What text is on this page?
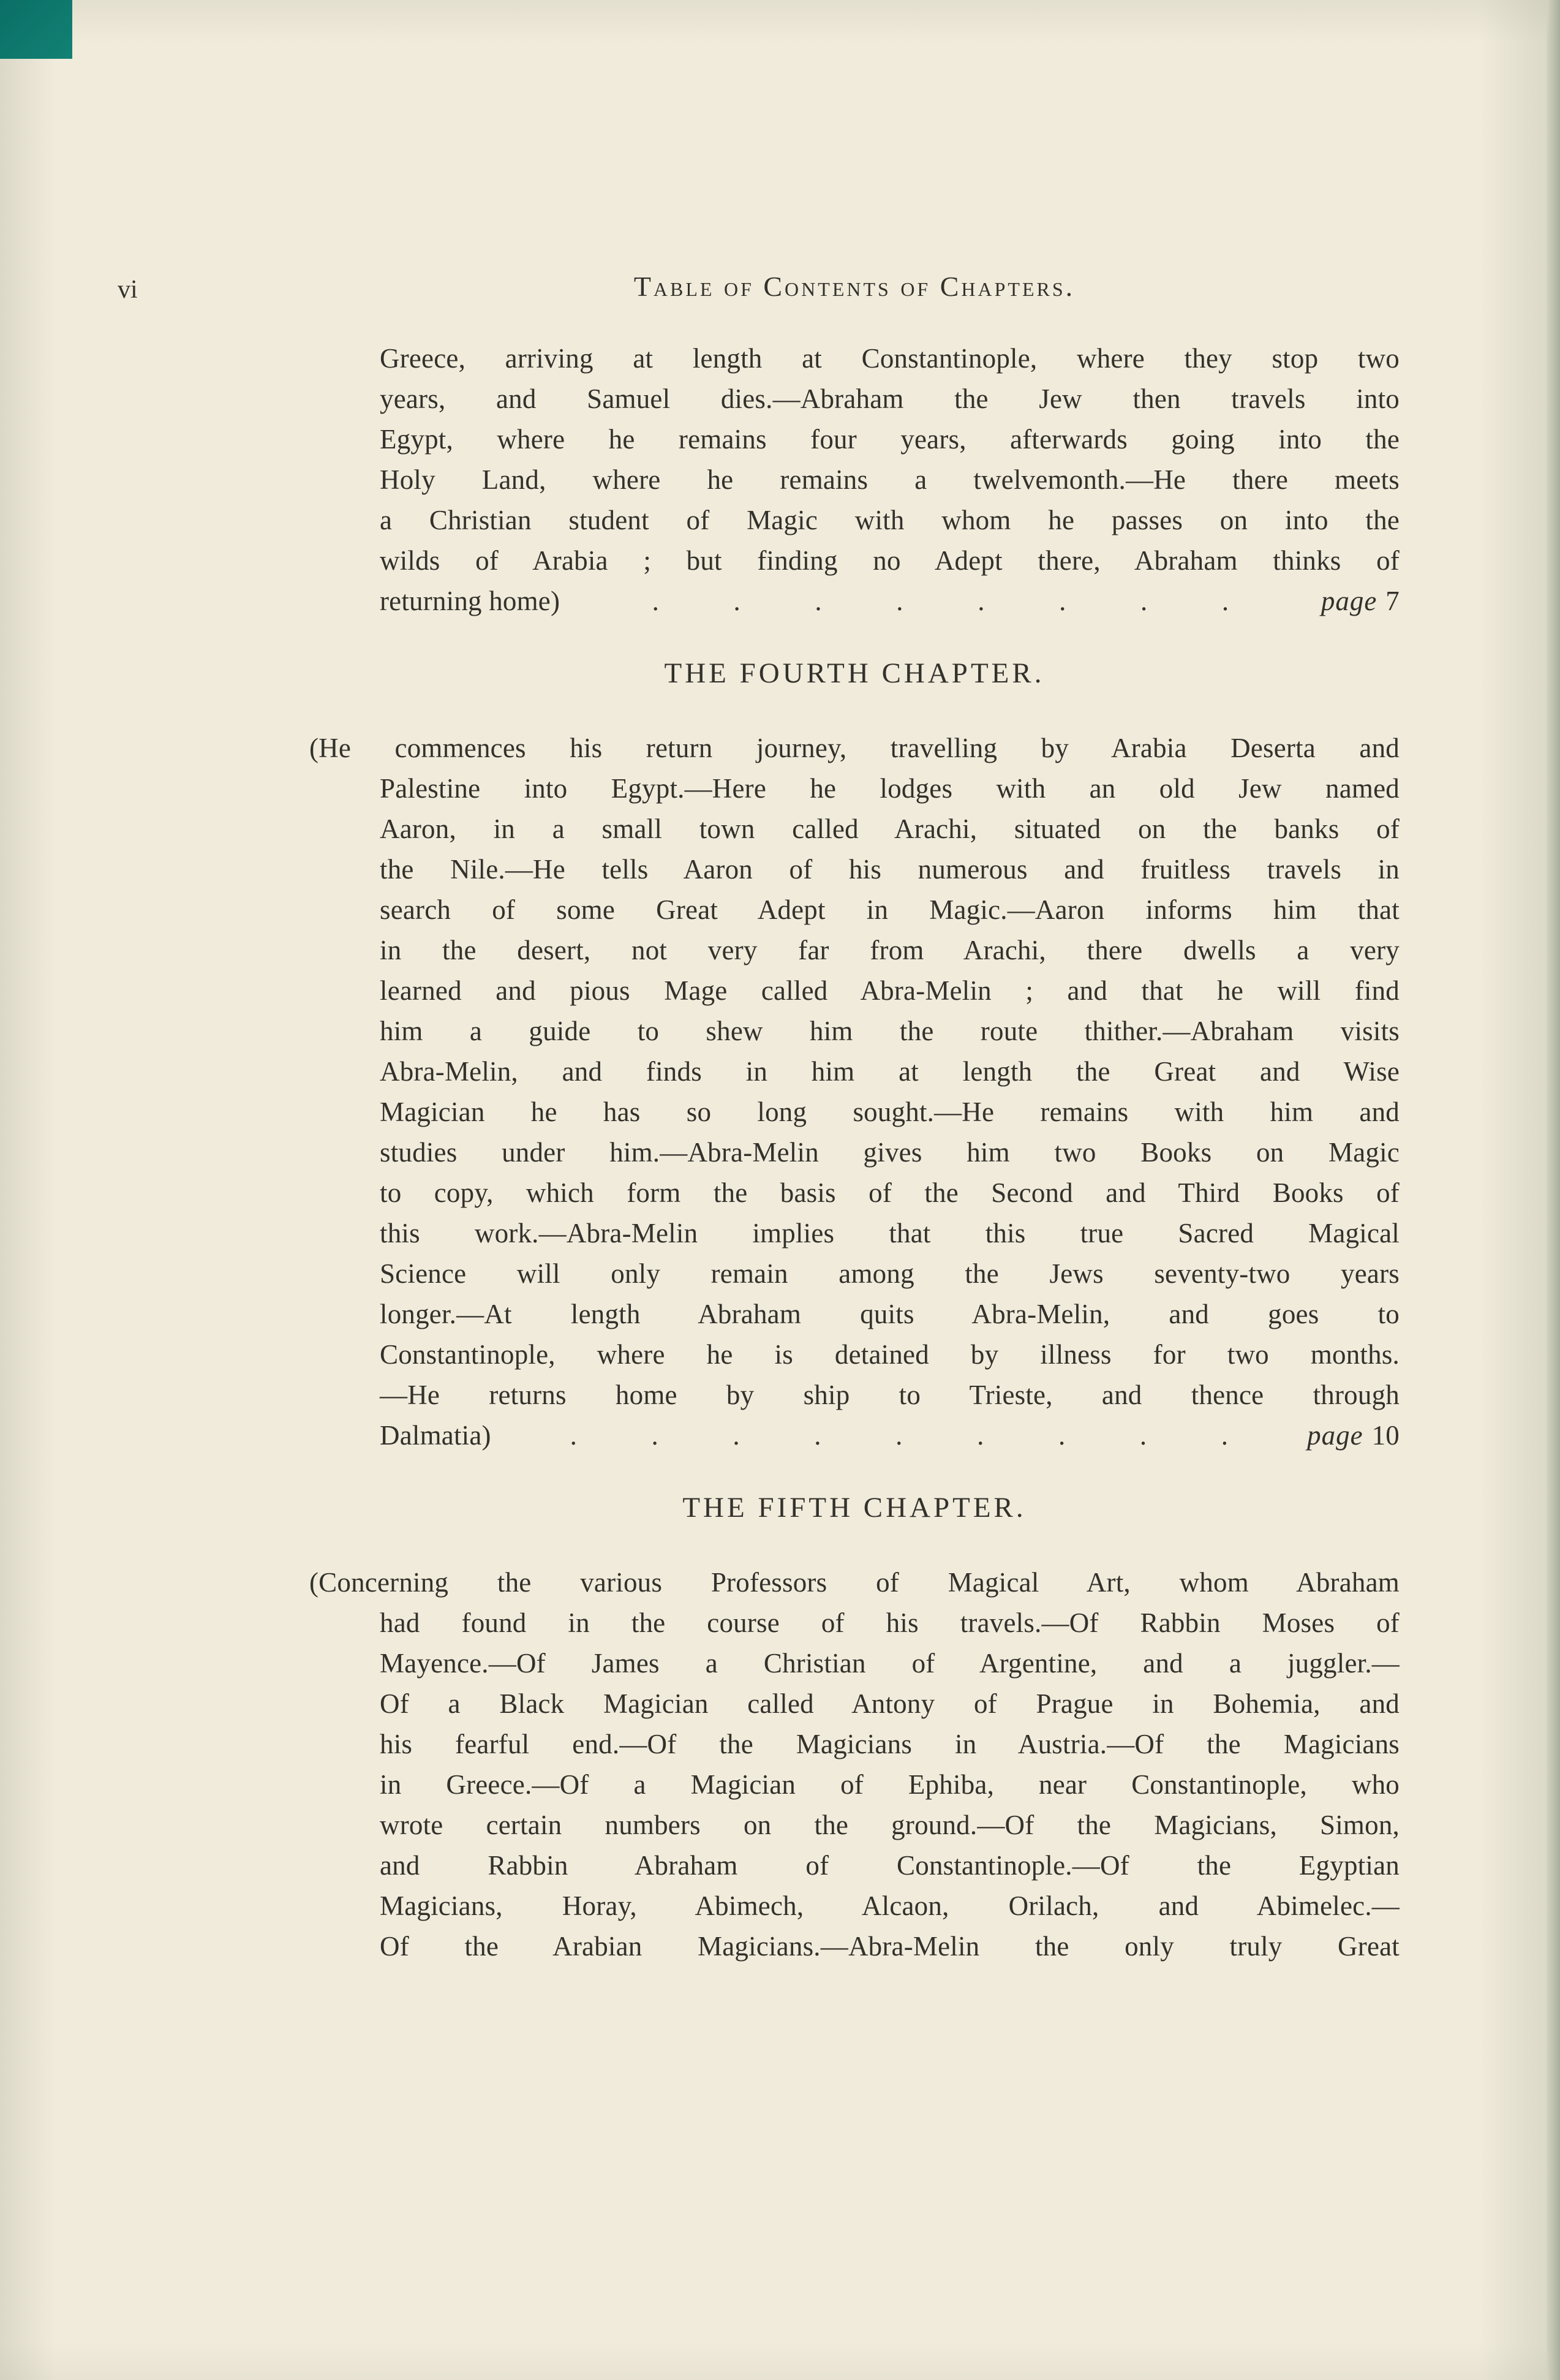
vi	Table of Contents of Chapters.
Greece, arriving at length at Constantinople, where they stop two
years, and Samuel dies.—Abraham the Jew then travels into
Egypt, where he remains four years, afterwards going into the
Holy Land, where he remains a twelvemonth.—He there meets
a Christian student of Magic with whom he passes on into the
wilds of Arabia ; but finding no Adept there, Abraham thinks of
returning home)	. . . . . . . .	page 7
THE FOURTH CHAPTER.
(He commences his return journey, travelling by Arabia Deserta and
Palestine into Egypt.—Here he lodges with an old Jew named
Aaron, in a small town called Arachi, situated on the banks of
the Nile.—He tells Aaron of his numerous and fruitless travels in
search of some Great Adept in Magic.—Aaron informs him that
in the desert, not very far from Arachi, there dwells a very
learned and pious Mage called Abra-Melin ; and that he will find
him a guide to shew him the route thither.—Abraham visits
Abra-Melin, and finds in him at length the Great and Wise
Magician he has so long sought.—He remains with him and
studies under him.—Abra-Melin gives him two Books on Magic
to copy, which form the basis of the Second and Third Books of
this work.—Abra-Melin implies that this true Sacred Magical
Science will only remain among the Jews seventy-two years
longer.—At length Abraham quits Abra-Melin, and goes to
Constantinople, where he is detained by illness for two months.
—He returns home by ship to Trieste, and thence through
Dalmatia)	. . . . . . . . .	page 10
THE FIFTH CHAPTER.
(Concerning the various Professors of Magical Art, whom Abraham
had found in the course of his travels.—Of Rabbin Moses of
Mayence.—Of James a Christian of Argentine, and a juggler.—
Of a Black Magician called Antony of Prague in Bohemia, and
his fearful end.—Of the Magicians in Austria.—Of the Magicians
in Greece.—Of a Magician of Ephiba, near Constantinople, who
wrote certain numbers on the ground.—Of the Magicians, Simon,
and Rabbin Abraham of Constantinople.—Of the Egyptian
Magicians, Horay, Abimech, Alcaon, Orilach, and Abimelec.—
Of the Arabian Magicians.—Abra-Melin the only truly Great
